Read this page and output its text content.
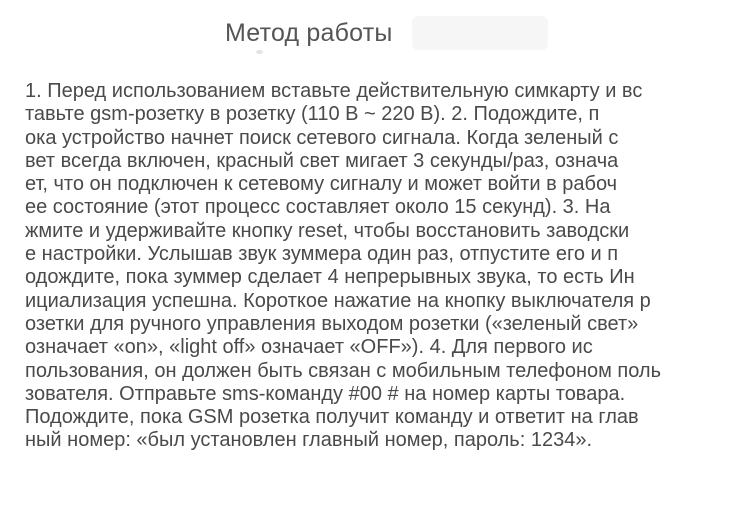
Метод работы
1. Перед использованием вставьте действительную симкарту и вс
тавьте gsm-розетку в розетку (110 В ~ 220 В). 2. Подождите, п
ока устройство начнет поиск сетевого сигнала. Когда зеленый с
вет всегда включен, красный свет мигает 3 секунды/раз, означа
ет, что он подключен к сетевому сигналу и может войти в рабоч
ее состояние (этот процесс составляет около 15 секунд). 3. На
жмите и удерживайте кнопку reset, чтобы восстановить заводски
е настройки. Услышав звук зуммера один раз, отпустите его и п
одождите, пока зуммер сделает 4 непрерывных звука, то есть Ин
ициализация успешна. Короткое нажатие на кнопку выключателя р
озетки для ручного управления выходом розетки («зеленый свет»
означает «on», «light off» означает «OFF»). 4. Для первого ис
пользования, он должен быть связан с мобильным телефоном поль
зователя. Отправьте sms-команду #00 # на номер карты товара.
Подождите, пока GSM розетка получит команду и ответит на глав
ный номер: «был установлен главный номер, пароль: 1234».
